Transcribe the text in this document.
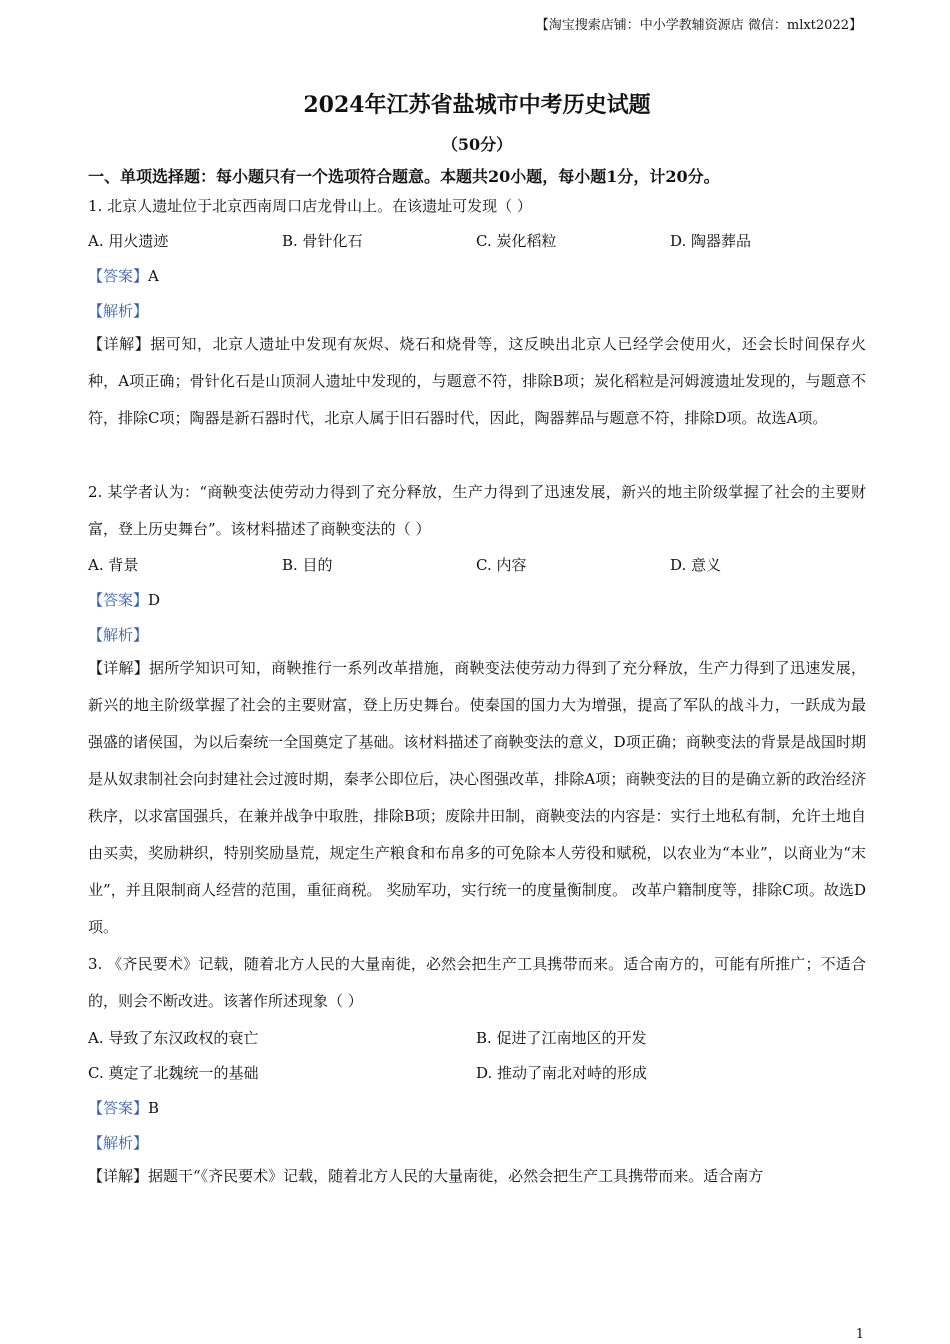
【淘宝搜索店铺：中小学教辅资源店 微信：mlxt2022】
2024年江苏省盐城市中考历史试题
（50分）
一、单项选择题：每小题只有一个选项符合题意。本题共20小题，每小题1分，计20分。
1. 北京人遗址位于北京西南周口店龙骨山上。在该遗址可发现（ ）
A. 用火遗迹	B. 骨针化石	C. 炭化稻粒	D. 陶器葬品
【答案】A
【解析】
【详解】据可知，北京人遗址中发现有灰烬、烧石和烧骨等，这反映出北京人已经学会使用火，还会长时间保存火种，A项正确；骨针化石是山顶洞人遗址中发现的，与题意不符，排除B项；炭化稻粒是河姆渡遗址发现的，与题意不符，排除C项；陶器是新石器时代，北京人属于旧石器时代，因此，陶器葬品与题意不符，排除D项。故选A项。
2. 某学者认为：“商鞅变法使劳动力得到了充分释放，生产力得到了迅速发展，新兴的地主阶级掌握了社会的主要财富，登上历史舞台”。该材料描述了商鞅变法的（ ）
A. 背景	B. 目的	C. 内容	D. 意义
【答案】D
【解析】
【详解】据所学知识可知，商鞅推行一系列改革措施，商鞅变法使劳动力得到了充分释放，生产力得到了迅速发展，新兴的地主阶级掌握了社会的主要财富，登上历史舞台。使秦国的国力大为增强，提高了军队的战斗力，一跃成为最强盛的诸侯国，为以后秦统一全国奠定了基础。该材料描述了商鞅变法的意义，D项正确；商鞅变法的背景是战国时期是从奴隶制社会向封建社会过渡时期，秦孝公即位后，决心图强改革，排除A项；商鞅变法的目的是确立新的政治经济秩序，以求富国强兵，在兼并战争中取胜，排除B项；废除井田制，商鞅变法的内容是：实行土地私有制，允许土地自由买卖，奖励耕织，特别奖励垦荒，规定生产粮食和布帛多的可免除本人劳役和赋税，以农业为“本业”，以商业为“末业”，并且限制商人经营的范围，重征商税。 奖励军功，实行统一的度量衡制度。 改革户籍制度等，排除C项。故选D项。
3. 《齐民要术》记载，随着北方人民的大量南徙，必然会把生产工具携带而来。适合南方的，可能有所推广；不适合的，则会不断改进。该著作所述现象（ ）
A. 导致了东汉政权的衰亡	B. 促进了江南地区的开发
C. 奠定了北魏统一的基础	D. 推动了南北对峙的形成
【答案】B
【解析】
【详解】据题干“《齐民要术》记载，随着北方人民的大量南徙，必然会把生产工具携带而来。适合南方
1
